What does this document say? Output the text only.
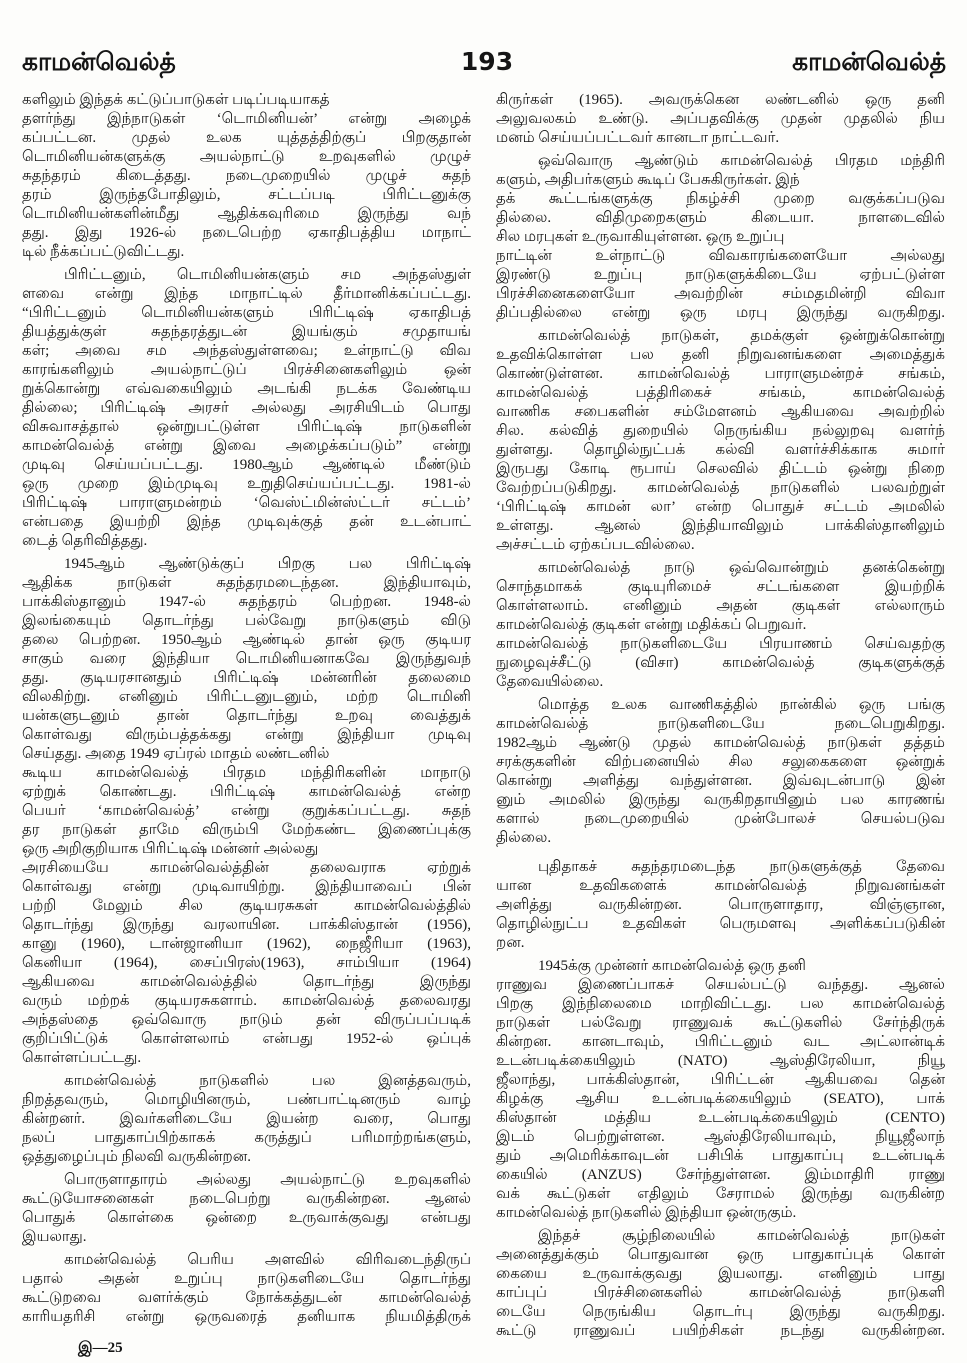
காமன்வெல்த்	193	காமன்வெல்த்
களிலும் இந்தக் கட்டுப்பாடுகள் படிப்படியாகத்
தளர்ந்து இந்நாடுகள் ‘டொமினியன்’ என்று அழைக்
கப்பட்டன. முதல் உலக யுத்தத்திற்குப் பிறகுதான்
டொமினியன்களுக்கு அயல்நாட்டு உறவுகளில் முழுச்
சுதந்தரம் கிடைத்தது. நடைமுறையில் முழுச் சுதந்
தரம் இருந்தபோதிலும், சட்டப்படி பிரிட்டனுக்கு
டொமினியன்களின்மீது ஆதிக்கவுரிமை இருந்து வந்
தது. இது 1926-ல் நடைபெற்ற ஏகாதிபத்திய மாநாட்
டில் நீக்கப்பட்டுவிட்டது.
பிரிட்டனும், டொமினியன்களும் சம அந்தஸ்துள்
ளவை என்று இந்த மாநாட்டில் தீர்மானிக்கப்பட்டது.
“பிரிட்டனும் டொமினியன்களும் பிரிட்டிஷ் ஏகாதிபத்
தியத்துக்குள் சுதந்தரத்துடன் இயங்கும் சமுதாயங்
கள்; அவை சம அந்தஸ்துள்ளவை; உள்நாட்டு விவ
காரங்களிலும் அயல்நாட்டுப் பிரச்சினைகளிலும் ஒன்
றுக்கொன்று எவ்வகையிலும் அடங்கி நடக்க வேண்டிய
தில்லை; பிரிட்டிஷ் அரசர் அல்லது அரசியிடம் பொது
விசுவாசத்தால் ஒன்றுபட்டுள்ள பிரிட்டிஷ் நாடுகளின்
காமன்வெல்த் என்று இவை அழைக்கப்படும்” என்று
முடிவு செய்யப்பட்டது. 1980ஆம் ஆண்டில் மீண்டும்
ஒரு முறை இம்முடிவு உறுதிசெய்யப்பட்டது. 1981-ல்
பிரிட்டிஷ் பாராளுமன்றம் ‘வெஸ்ட்மின்ஸ்ட்டர் சட்டம்’
என்பதை இயற்றி இந்த முடிவுக்குத் தன் உடன்பாட்
டைத் தெரிவித்தது.
1945ஆம் ஆண்டுக்குப் பிறகு பல பிரிட்டிஷ்
ஆதிக்க நாடுகள் சுதந்தரமடைந்தன. இந்தியாவும்,
பாக்கிஸ்தானும் 1947-ல் சுதந்தரம் பெற்றன. 1948-ல்
இலங்கையும் தொடர்ந்து பல்வேறு நாடுகளும் விடு
தலை பெற்றன. 1950ஆம் ஆண்டில் தான் ஒரு குடியர
சாகும் வரை இந்தியா டொமினியனாகவே இருந்துவந்
தது. குடியரசானதும் பிரிட்டிஷ் மன்னரின் தலைமை
விலகிற்று. எனினும் பிரிட்டனுடனும், மற்ற டொமினி
யன்களுடனும் தான் தொடர்ந்து உறவு வைத்துக்
கொள்வது விரும்பத்தக்கது என்று இந்தியா முடிவு
செய்தது. அதை 1949 ஏப்ரல் மாதம் லண்டனில்
கூடிய காமன்வெல்த் பிரதம மந்திரிகளின் மாநாடு
ஏற்றுக் கொண்டது. பிரிட்டிஷ் காமன்வெல்த் என்ற
பெயர் ‘காமன்வெல்த்’ என்று குறுக்கப்பட்டது. சுதந்
தர நாடுகள் தாமே விரும்பி மேற்கண்ட இணைப்புக்கு
ஒரு அறிகுறியாக பிரிட்டிஷ் மன்னர் அல்லது
அரசியையே காமன்வெல்த்தின் தலைவராக ஏற்றுக்
கொள்வது என்று முடிவாயிற்று. இந்தியாவைப் பின்
பற்றி மேலும் சில குடியரசுகள் காமன்வெல்த்தில்
தொடர்ந்து இருந்து வரலாயின. பாக்கிஸ்தான் (1956),
கானு (1960), டான்ஜானியா (1962), நைஜீரியா (1963),
கெனியா (1964), சைப்பிரஸ்(1963), சாம்பியா (1964)
ஆகியவை காமன்வெல்த்தில் தொடர்ந்து இருந்து
வரும் மற்றக் குடியரசுகளாம். காமன்வெல்த் தலைவரது
அந்தஸ்தை ஒவ்வொரு நாடும் தன் விருப்பப்படிக்
குறிப்பிட்டுக் கொள்ளலாம் என்பது 1952-ல் ஒப்புக்
கொள்ளப்பட்டது.
காமன்வெல்த் நாடுகளில் பல இனத்தவரும்,
நிறத்தவரும், மொழியினரும், பண்பாட்டினரும் வாழ்
கின்றனர். இவர்களிடையே இயன்ற வரை, பொது
நலப் பாதுகாப்பிற்காகக் கருத்துப் பரிமாற்றங்களும்,
ஒத்துழைப்பும் நிலவி வருகின்றன.
பொருளாதாரம் அல்லது அயல்நாட்டு உறவுகளில்
கூட்டுயோசனைகள் நடைபெற்று வருகின்றன. ஆனல்
பொதுக் கொள்கை ஒன்றை உருவாக்குவது என்பது
இயலாது.
காமன்வெல்த் பெரிய அளவில் விரிவடைந்திருப்
பதால் அதன் உறுப்பு நாடுகளிடையே தொடர்ந்து
கூட்டுறவை வளர்க்கும் நோக்கத்துடன் காமன்வெல்த்
காரியதரிசி என்று ஒருவரைத் தனியாக நியமித்திருக்
கிருர்கள் (1965). அவருக்கென லண்டனில் ஒரு தனி
அலுவலகம் உண்டு. அப்பதவிக்கு முதன் முதலில் நிய
மனம் செய்யப்பட்டவர் கானடா நாட்டவர்.
ஒவ்வொரு ஆண்டும் காமன்வெல்த் பிரதம மந்திரி
களும், அதிபர்களும் கூடிப் பேசுகிருர்கள். இந்
தக் கூட்டங்களுக்கு நிகழ்ச்சி முறை வகுக்கப்படுவ
தில்லை. விதிமுறைகளும் கிடையா. நாளடைவில்
சில மரபுகள் உருவாகியுள்ளன. ஒரு உறுப்பு
நாட்டின் உள்நாட்டு விவகாரங்களையோ அல்லது
இரண்டு உறுப்பு நாடுகளுக்கிடையே ஏற்பட்டுள்ள
பிரச்சினைகளையோ அவற்றின் சம்மதமின்றி விவா
திப்பதில்லை என்று ஒரு மரபு இருந்து வருகிறது.
காமன்வெல்த் நாடுகள், தமக்குள் ஒன்றுக்கொன்று
உதவிக்கொள்ள பல தனி நிறுவனங்களை அமைத்துக்
கொண்டுள்ளன. காமன்வெல்த் பாராளுமன்றச் சங்கம்,
காமன்வெல்த் பத்திரிகைச் சங்கம், காமன்வெல்த்
வாணிக சபைகளின் சம்மேளனம் ஆகியவை அவற்றில்
சில. கல்வித் துறையில் நெருங்கிய நல்லுறவு வளர்ந்
துள்ளது. தொழில்நுட்பக் கல்வி வளர்ச்சிக்காக சுமார்
இருபது கோடி ரூபாய் செலவில் திட்டம் ஒன்று நிறை
வேற்றப்படுகிறது. காமன்வெல்த் நாடுகளில் பலவற்றுள்
‘பிரிட்டிஷ் காமன் லா’ என்ற பொதுச் சட்டம் அமலில்
உள்ளது. ஆனல் இந்தியாவிலும் பாக்கிஸ்தானிலும்
அச்சட்டம் ஏற்கப்படவில்லை.
காமன்வெல்த் நாடு ஒவ்வொன்றும் தனக்கென்று
சொந்தமாகக் குடியுரிமைச் சட்டங்களை இயற்றிக்
கொள்ளலாம். எனினும் அதன் குடிகள் எல்லாரும்
காமன்வெல்த் குடிகள் என்று மதிக்கப் பெறுவர்.
காமன்வெல்த் நாடுகளிடையே பிரயாணம் செய்வதற்கு
நுழைவுச்சீட்டு (விசா) காமன்வெல்த் குடிகளுக்குத்
தேவையில்லை.
மொத்த உலக வாணிகத்தில் நான்கில் ஒரு பங்கு
காமன்வெல்த் நாடுகளிடையே நடைபெறுகிறது.
1982ஆம் ஆண்டு முதல் காமன்வெல்த் நாடுகள் தத்தம்
சரக்குகளின் விற்பனையில் சில சலுகைகளை ஒன்றுக்
கொன்று அளித்து வந்துள்ளன. இவ்வுடன்பாடு இன்
னும் அமலில் இருந்து வருகிறதாயினும் பல காரணங்
களால் நடைமுறையில் முன்போலச் செயல்படுவ
தில்லை.
புதிதாகச் சுதந்தரமடைந்த நாடுகளுக்குத் தேவை
யான உதவிகளைக் காமன்வெல்த் நிறுவனங்கள்
அளித்து வருகின்றன. பொருளாதார, விஞ்ஞான,
தொழில்நுட்ப உதவிகள் பெருமளவு அளிக்கப்படுகின்
றன.
1945க்கு முன்னர் காமன்வெல்த் ஒரு தனி
ராணுவ இணைப்பாகச் செயல்பட்டு வந்தது. ஆனல்
பிறகு இந்நிலைமை மாறிவிட்டது. பல காமன்வெல்த்
நாடுகள் பல்வேறு ராணுவக் கூட்டுகளில் சேர்ந்திருக்
கின்றன. கானடாவும், பிரிட்டனும் வட அட்லான்டிக்
உடன்படிக்கையிலும் (NATO) ஆஸ்திரேலியா, நியூ
ஜீலாந்து, பாக்கிஸ்தான், பிரிட்டன் ஆகியவை தென்
கிழக்கு ஆசிய உடன்படிக்கையிலும் (SEATO), பாக்
கிஸ்தான் மத்திய உடன்படிக்கையிலும் (CENTO)
இடம் பெற்றுள்ளன. ஆஸ்திரேலியாவும், நியூஜீலாந்
தும் அமெரிக்காவுடன் பசிபிக் பாதுகாப்பு உடன்படிக்
கையில் (ANZUS) சேர்ந்துள்ளன. இம்மாதிரி ராணு
வக் கூட்டுகள் எதிலும் சேராமல் இருந்து வருகின்ற
காமன்வெல்த் நாடுகளில் இந்தியா ஒன்ருகும்.
இந்தச் சூழ்நிலையில் காமன்வெல்த் நாடுகள்
அனைத்துக்கும் பொதுவான ஒரு பாதுகாப்புக் கொள்
கையை உருவாக்குவது இயலாது. எனினும் பாது
காப்புப் பிரச்சினைகளில் காமன்வெல்த் நாடுகளி
டையே நெருங்கிய தொடர்பு இருந்து வருகிறது.
கூட்டு ராணுவப் பயிற்சிகள் நடந்து வருகின்றன.
இ—25
